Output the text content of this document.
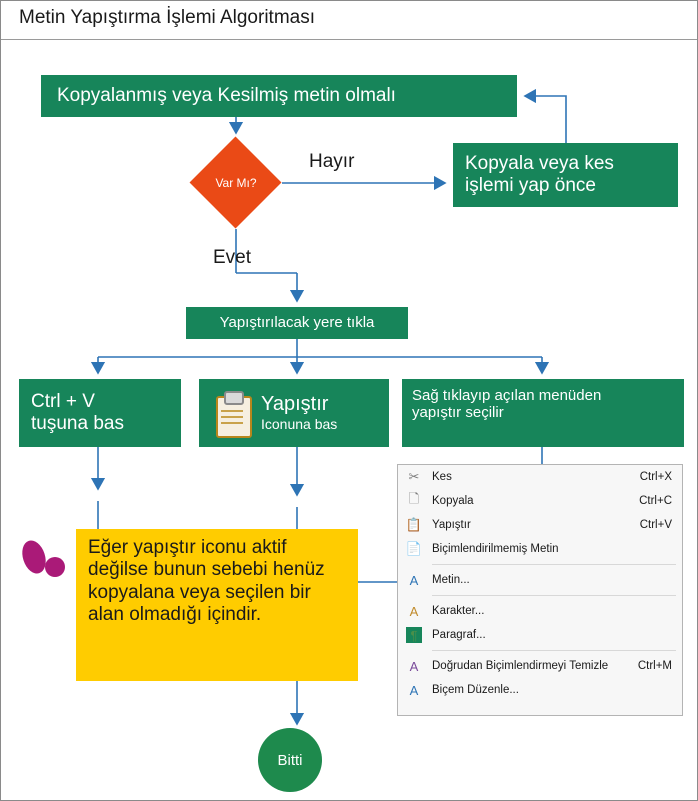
Metin Yapıştırma İşlemi Algoritması
Kopyalanmış veya Kesilmiş metin olmalı
Var Mı?
Hayır
Evet
Kopyala veya kes
işlemi yap önce
Yapıştırılacak yere tıkla
Ctrl + V
tuşuna bas
Yapıştır
Iconuna bas
Sağ tıklayıp açılan menüden
yapıştır seçilir
Eğer yapıştır iconu aktif değilse bunun sebebi henüz kopyalana veya seçilen bir alan olmadığı içindir.
✂ Kes	Ctrl+X
🗋 Kopyala	Ctrl+C
📋 Yapıştır	Ctrl+V
📄 Biçimlendirilmemiş Metin
A	Metin...
A	Karakter...
¶	Paragraf...
A	Doğrudan Biçimlendirmeyi Temizle	Ctrl+M
A	Biçem Düzenle...
Bitti
